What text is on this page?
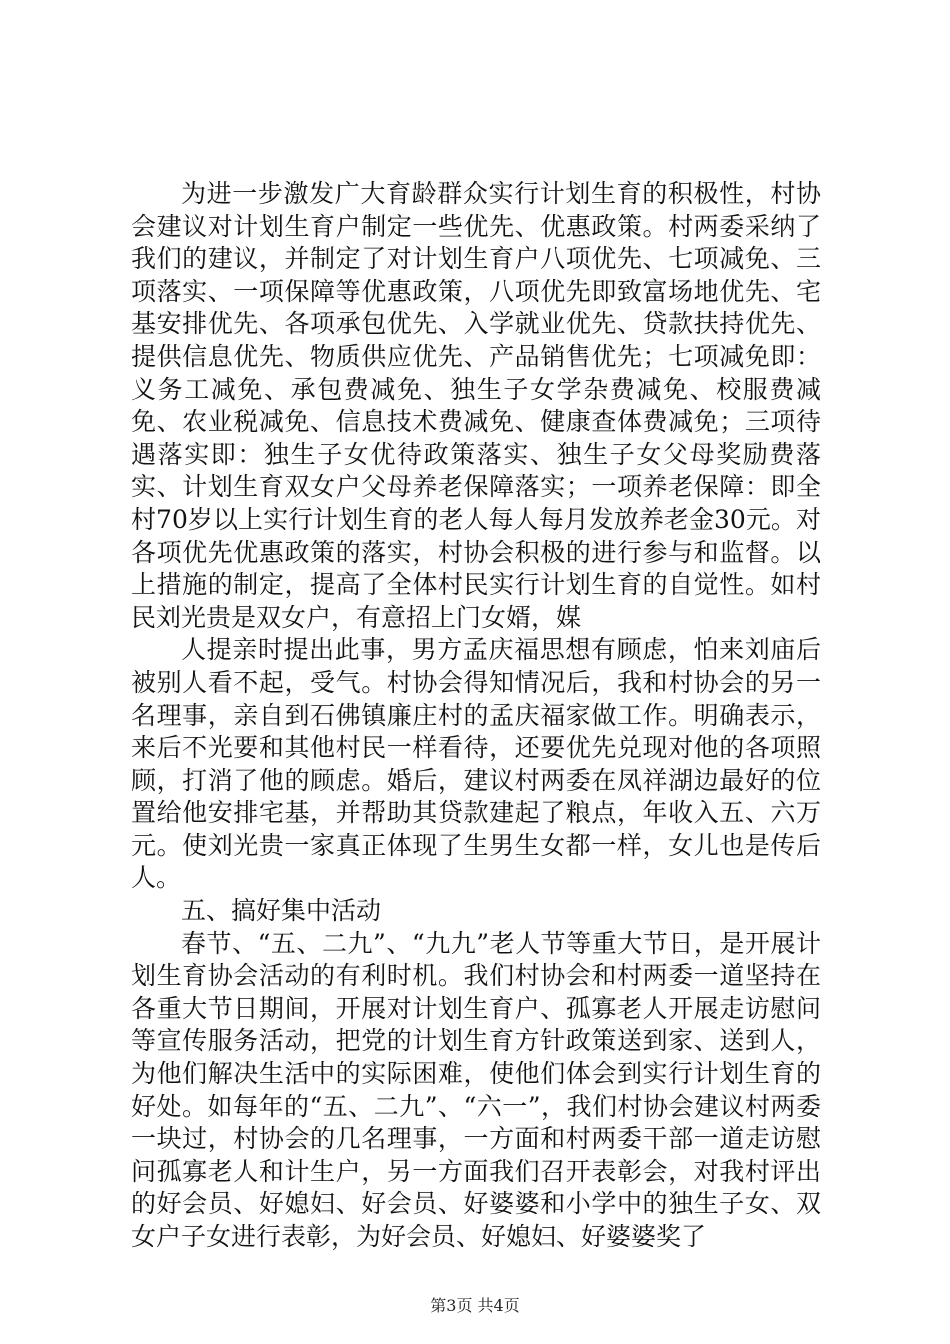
为进一步激发广大育龄群众实行计划生育的积极性，村协会建议对计划生育户制定一些优先、优惠政策。村两委采纳了我们的建议，并制定了对计划生育户八项优先、七项减免、三项落实、一项保障等优惠政策，八项优先即致富场地优先、宅基安排优先、各项承包优先、入学就业优先、贷款扶持优先、提供信息优先、物质供应优先、产品销售优先；七项减免即：义务工减免、承包费减免、独生子女学杂费减免、校服费减免、农业税减免、信息技术费减免、健康查体费减免；三项待遇落实即：独生子女优待政策落实、独生子女父母奖励费落实、计划生育双女户父母养老保障落实；一项养老保障：即全村70岁以上实行计划生育的老人每人每月发放养老金30元。对各项优先优惠政策的落实，村协会积极的进行参与和监督。以上措施的制定，提高了全体村民实行计划生育的自觉性。如村民刘光贵是双女户，有意招上门女婿，媒

人提亲时提出此事，男方孟庆福思想有顾虑，怕来刘庙后被别人看不起，受气。村协会得知情况后，我和村协会的另一名理事，亲自到石佛镇廉庄村的孟庆福家做工作。明确表示，来后不光要和其他村民一样看待，还要优先兑现对他的各项照顾，打消了他的顾虑。婚后，建议村两委在凤祥湖边最好的位置给他安排宅基，并帮助其贷款建起了粮点，年收入五、六万元。使刘光贵一家真正体现了生男生女都一样，女儿也是传后人。

五、搞好集中活动

春节、“五、二九”、“九九”老人节等重大节日，是开展计划生育协会活动的有利时机。我们村协会和村两委一道坚持在各重大节日期间，开展对计划生育户、孤寡老人开展走访慰问等宣传服务活动，把党的计划生育方针政策送到家、送到人，为他们解决生活中的实际困难，使他们体会到实行计划生育的好处。如每年的“五、二九”、“六一”，我们村协会建议村两委一块过，村协会的几名理事，一方面和村两委干部一道走访慰问孤寡老人和计生户，另一方面我们召开表彰会，对我村评出的好会员、好媳妇、好会员、好婆婆和小学中的独生子女、双女户子女进行表彰，为好会员、好媳妇、好婆婆奖了

第3页 共4页
